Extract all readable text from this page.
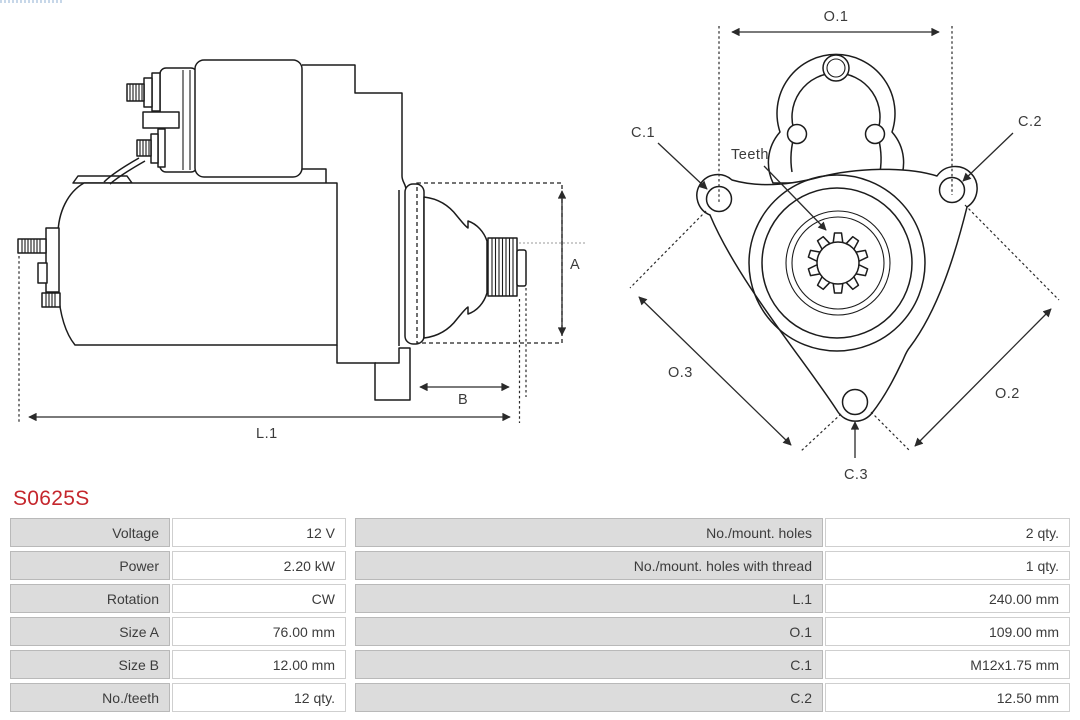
A
B
L.1
O.1
O.3
O.2
C.1
C.2
C.3
Teeth
S0625S
Voltage	12 V	No./mount. holes	2 qty.
Power	2.20 kW	No./mount. holes with thread	1 qty.
Rotation	CW	L.1	240.00 mm
Size A	76.00 mm	O.1	109.00 mm
Size B	12.00 mm	C.1	M12x1.75 mm
No./teeth	12 qty.	C.2	12.50 mm
